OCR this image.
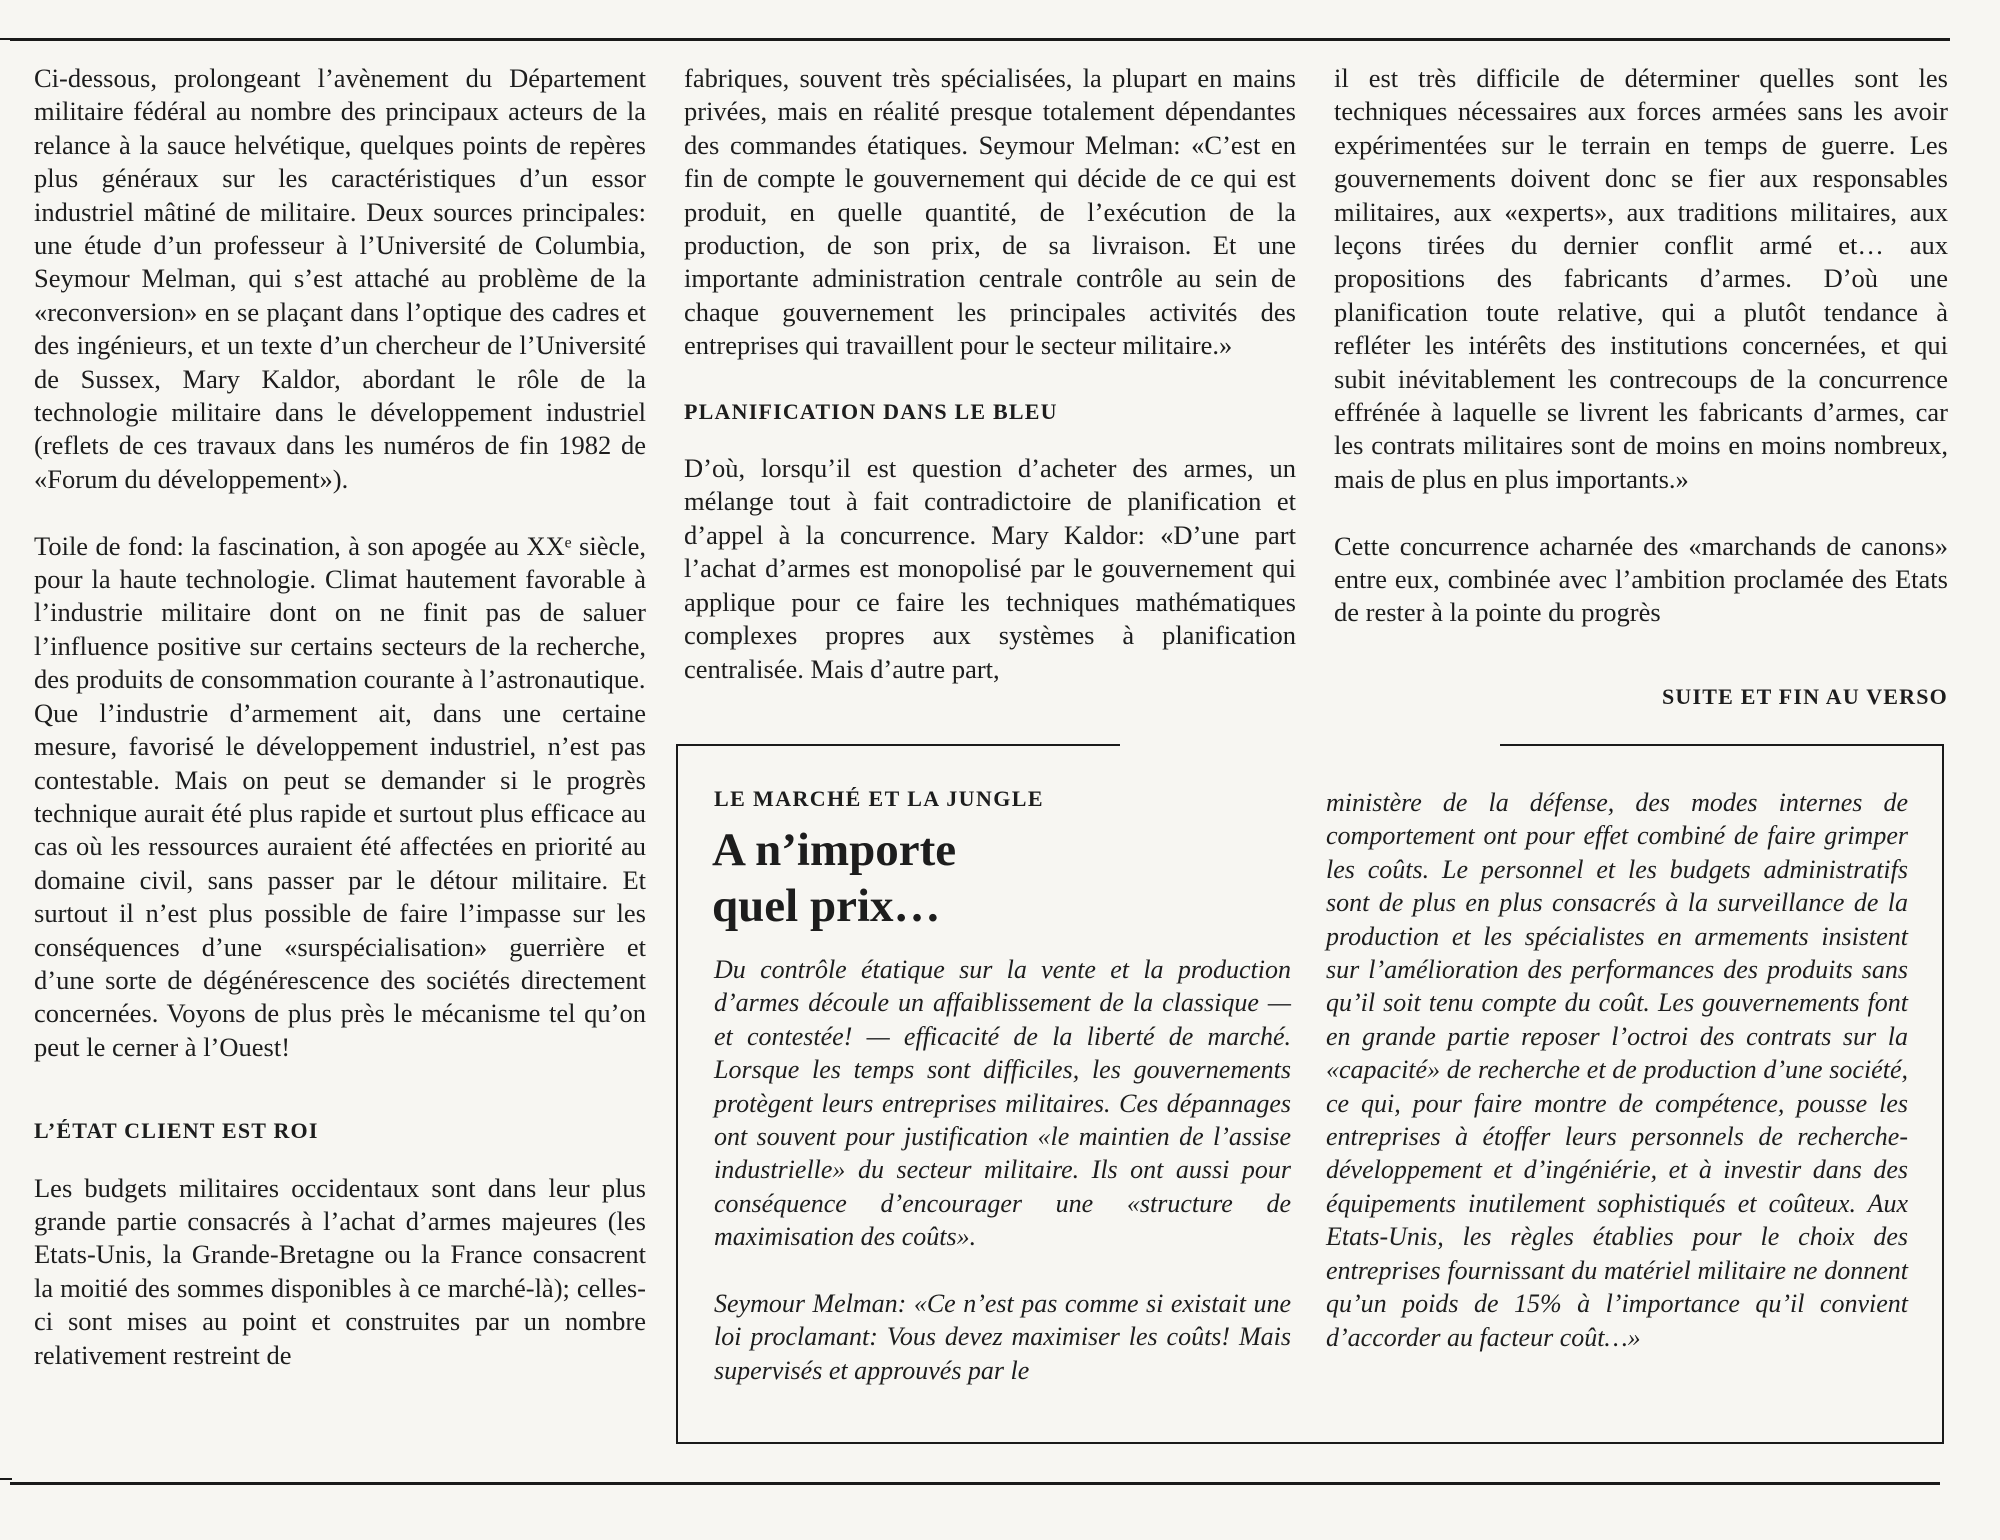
Ci-dessous, prolongeant l’avènement du Département militaire fédéral au nombre des principaux acteurs de la relance à la sauce helvétique, quelques points de repères plus généraux sur les caractéristiques d’un essor industriel mâtiné de militaire. Deux sources principales: une étude d’un professeur à l’Université de Columbia, Seymour Melman, qui s’est attaché au problème de la «reconversion» en se plaçant dans l’optique des cadres et des ingénieurs, et un texte d’un chercheur de l’Université de Sussex, Mary Kaldor, abordant le rôle de la technologie militaire dans le développement industriel (reflets de ces travaux dans les numéros de fin 1982 de «Forum du développement»).

Toile de fond: la fascination, à son apogée au XXᵉ siècle, pour la haute technologie. Climat hautement favorable à l’industrie militaire dont on ne finit pas de saluer l’influence positive sur certains secteurs de la recherche, des produits de consommation courante à l’astronautique.

Que l’industrie d’armement ait, dans une certaine mesure, favorisé le développement industriel, n’est pas contestable. Mais on peut se demander si le progrès technique aurait été plus rapide et surtout plus efficace au cas où les ressources auraient été affectées en priorité au domaine civil, sans passer par le détour militaire. Et surtout il n’est plus possible de faire l’impasse sur les conséquences d’une «surspécialisation» guerrière et d’une sorte de dégénérescence des sociétés directement concernées. Voyons de plus près le mécanisme tel qu’on peut le cerner à l’Ouest!

L’ÉTAT CLIENT EST ROI

Les budgets militaires occidentaux sont dans leur plus grande partie consacrés à l’achat d’armes majeures (les Etats-Unis, la Grande-Bretagne ou la France consacrent la moitié des sommes disponibles à ce marché-là); celles-ci sont mises au point et construites par un nombre relativement restreint de

fabriques, souvent très spécialisées, la plupart en mains privées, mais en réalité presque totalement dépendantes des commandes étatiques. Seymour Melman: «C’est en fin de compte le gouvernement qui décide de ce qui est produit, en quelle quantité, de l’exécution de la production, de son prix, de sa livraison. Et une importante administration centrale contrôle au sein de chaque gouvernement les principales activités des entreprises qui travaillent pour le secteur militaire.»

PLANIFICATION DANS LE BLEU

D’où, lorsqu’il est question d’acheter des armes, un mélange tout à fait contradictoire de planification et d’appel à la concurrence. Mary Kaldor: «D’une part l’achat d’armes est monopolisé par le gouvernement qui applique pour ce faire les techniques mathématiques complexes propres aux systèmes à planification centralisée. Mais d’autre part,

il est très difficile de déterminer quelles sont les techniques nécessaires aux forces armées sans les avoir expérimentées sur le terrain en temps de guerre. Les gouvernements doivent donc se fier aux responsables militaires, aux «experts», aux traditions militaires, aux leçons tirées du dernier conflit armé et… aux propositions des fabricants d’armes. D’où une planification toute relative, qui a plutôt tendance à refléter les intérêts des institutions concernées, et qui subit inévitablement les contrecoups de la concurrence effrénée à laquelle se livrent les fabricants d’armes, car les contrats militaires sont de moins en moins nombreux, mais de plus en plus importants.»

Cette concurrence acharnée des «marchands de canons» entre eux, combinée avec l’ambition proclamée des Etats de rester à la pointe du progrès

SUITE ET FIN AU VERSO
LE MARCHÉ ET LA JUNGLE
A n’importe
quel prix…

Du contrôle étatique sur la vente et la production d’armes découle un affaiblissement de la classique — et contestée! — efficacité de la liberté de marché. Lorsque les temps sont difficiles, les gouvernements protègent leurs entreprises militaires. Ces dépannages ont souvent pour justification «le maintien de l’assise industrielle» du secteur militaire. Ils ont aussi pour conséquence d’encourager une «structure de maximisation des coûts».

Seymour Melman: «Ce n’est pas comme si existait une loi proclamant: Vous devez maximiser les coûts! Mais supervisés et approuvés par le

ministère de la défense, des modes internes de comportement ont pour effet combiné de faire grimper les coûts. Le personnel et les budgets administratifs sont de plus en plus consacrés à la surveillance de la production et les spécialistes en armements insistent sur l’amélioration des performances des produits sans qu’il soit tenu compte du coût. Les gouvernements font en grande partie reposer l’octroi des contrats sur la «capacité» de recherche et de production d’une société, ce qui, pour faire montre de compétence, pousse les entreprises à étoffer leurs personnels de recherche-développement et d’ingéniérie, et à investir dans des équipements inutilement sophistiqués et coûteux. Aux Etats-Unis, les règles établies pour le choix des entreprises fournissant du matériel militaire ne donnent qu’un poids de 15% à l’importance qu’il convient d’accorder au facteur coût…»
